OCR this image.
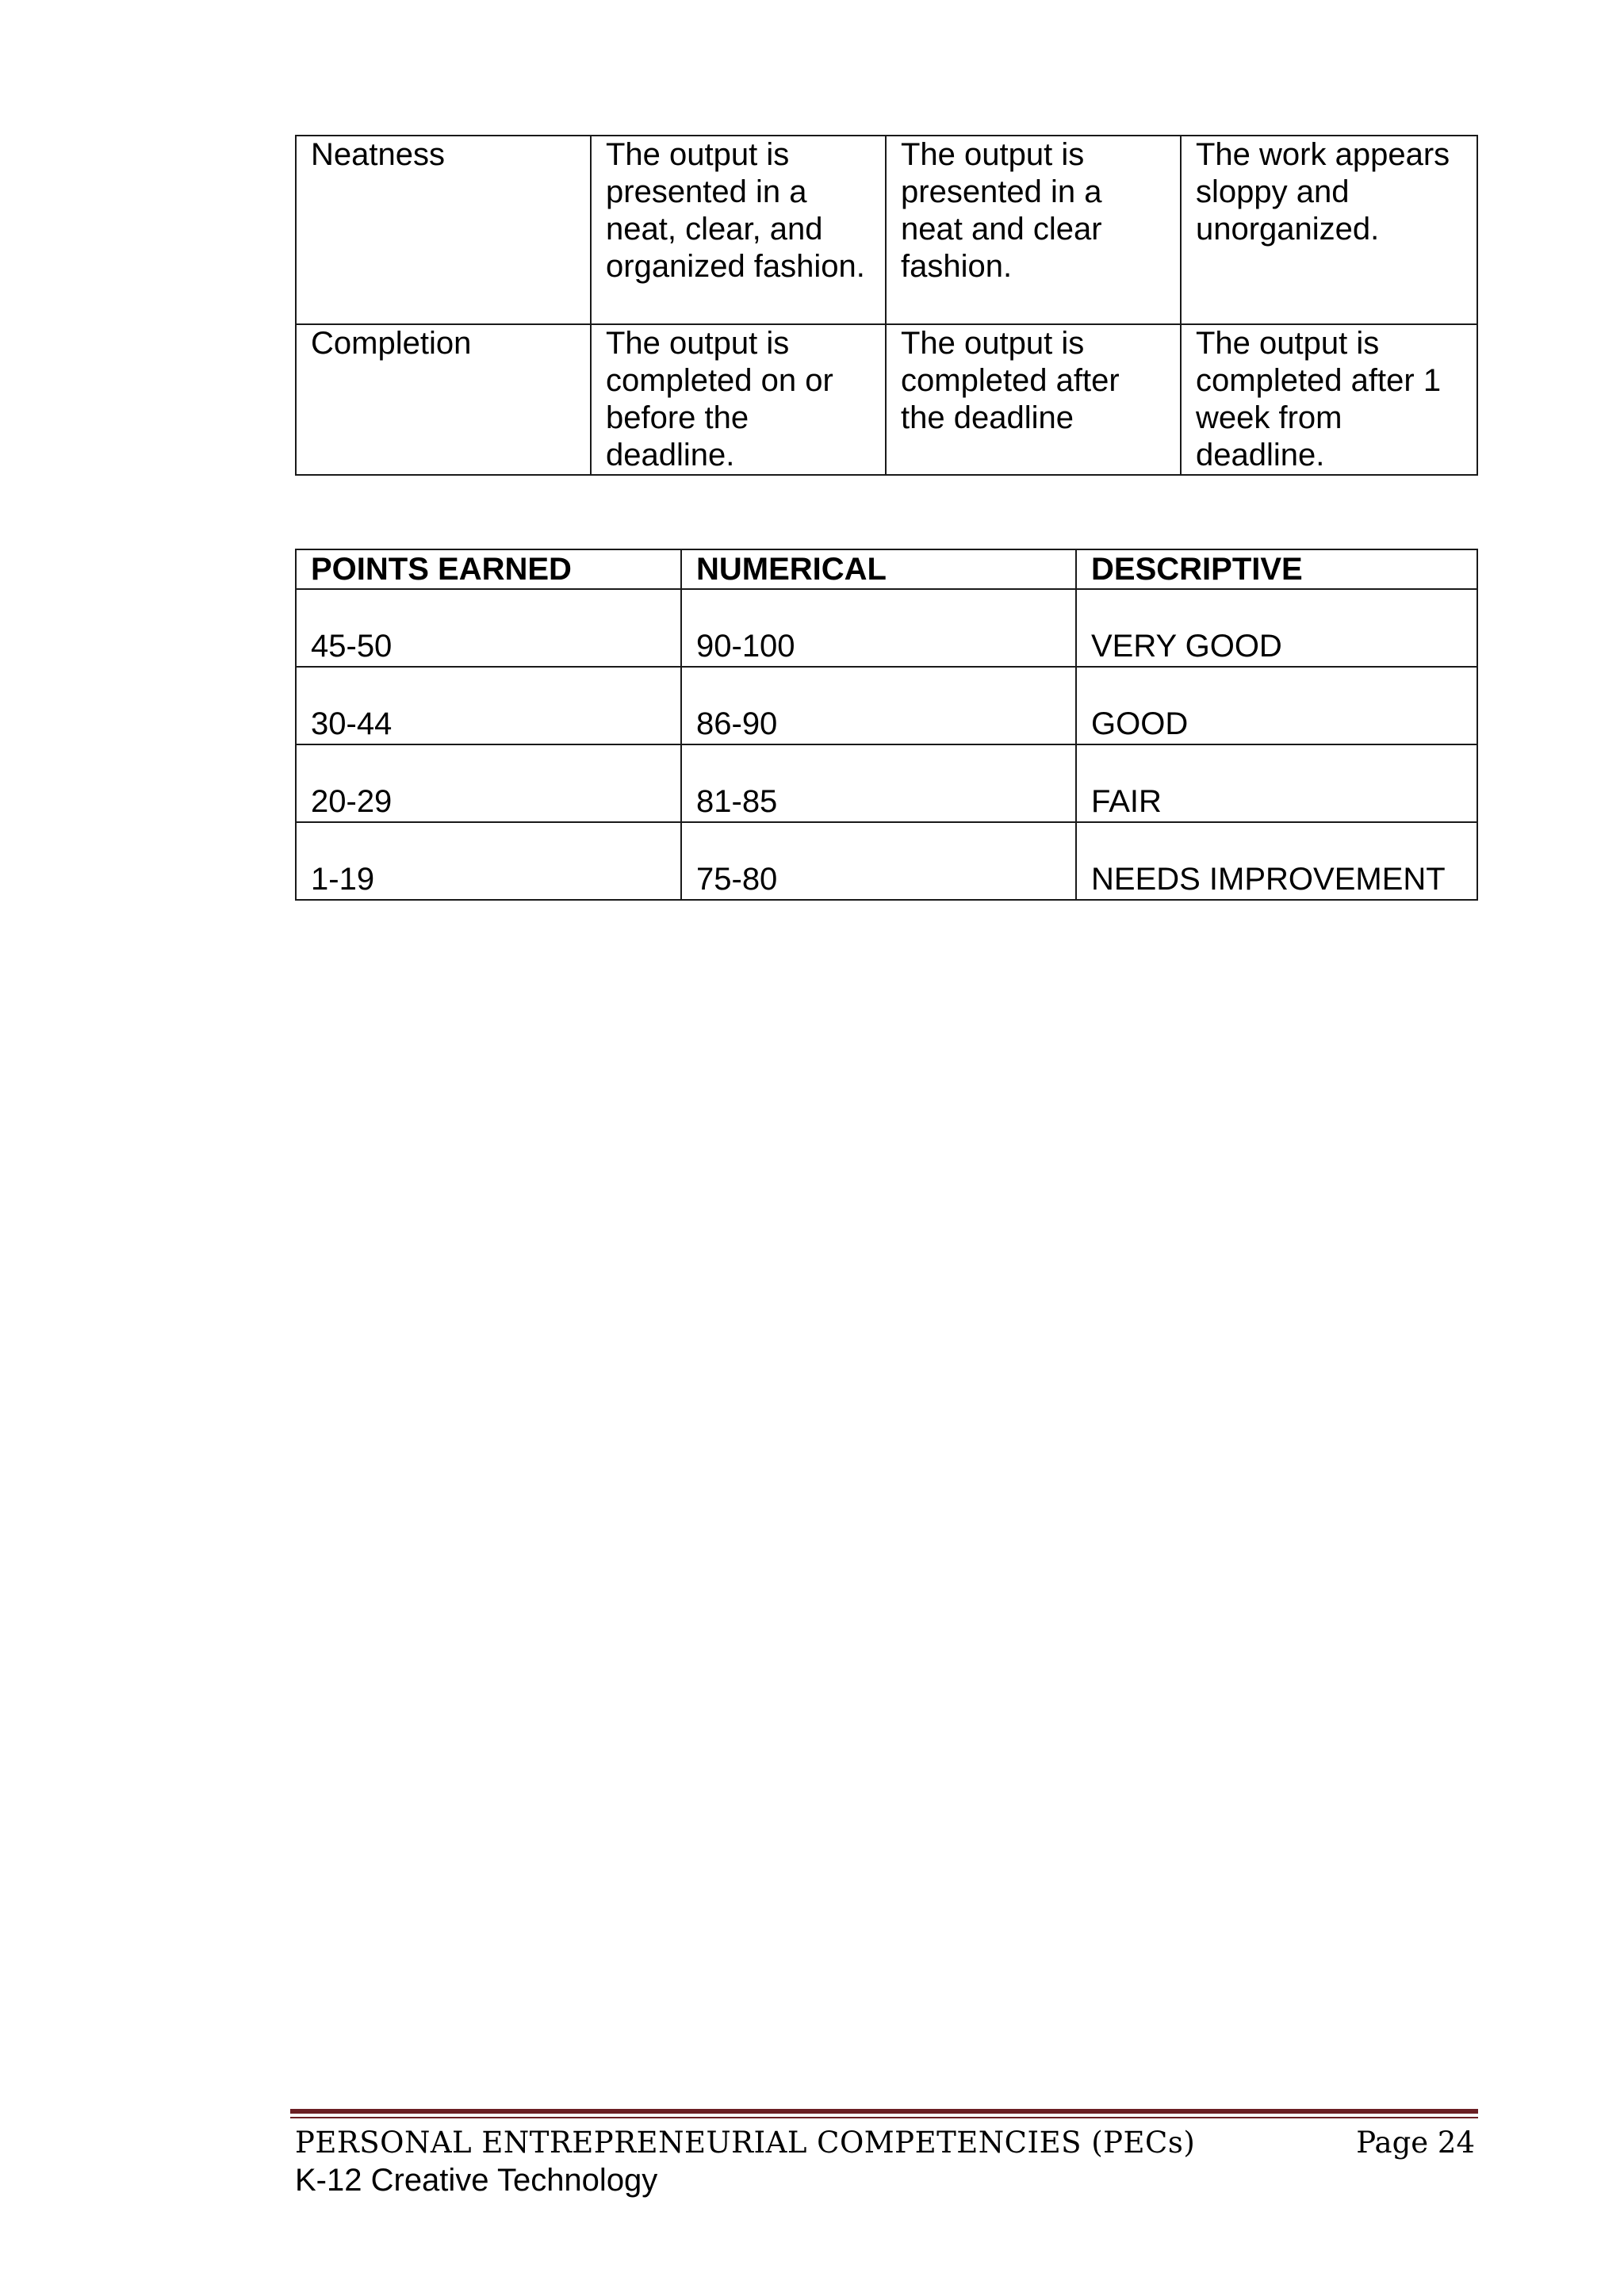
Neatness	The output is presented in a neat, clear, and organized fashion.	The output is presented in a neat and clear fashion.	The work appears sloppy and unorganized.
Completion	The output is completed on or before the deadline.	The output is completed after the deadline	The output is completed after 1 week from deadline.
POINTS EARNED	NUMERICAL	DESCRIPTIVE
45-50	90-100	VERY GOOD
30-44	86-90	GOOD
20-29	81-85	FAIR
1-19	75-80	NEEDS IMPROVEMENT
PERSONAL ENTREPRENEURIAL COMPETENCIES (PECs)	Page 24
K-12 Creative Technology
